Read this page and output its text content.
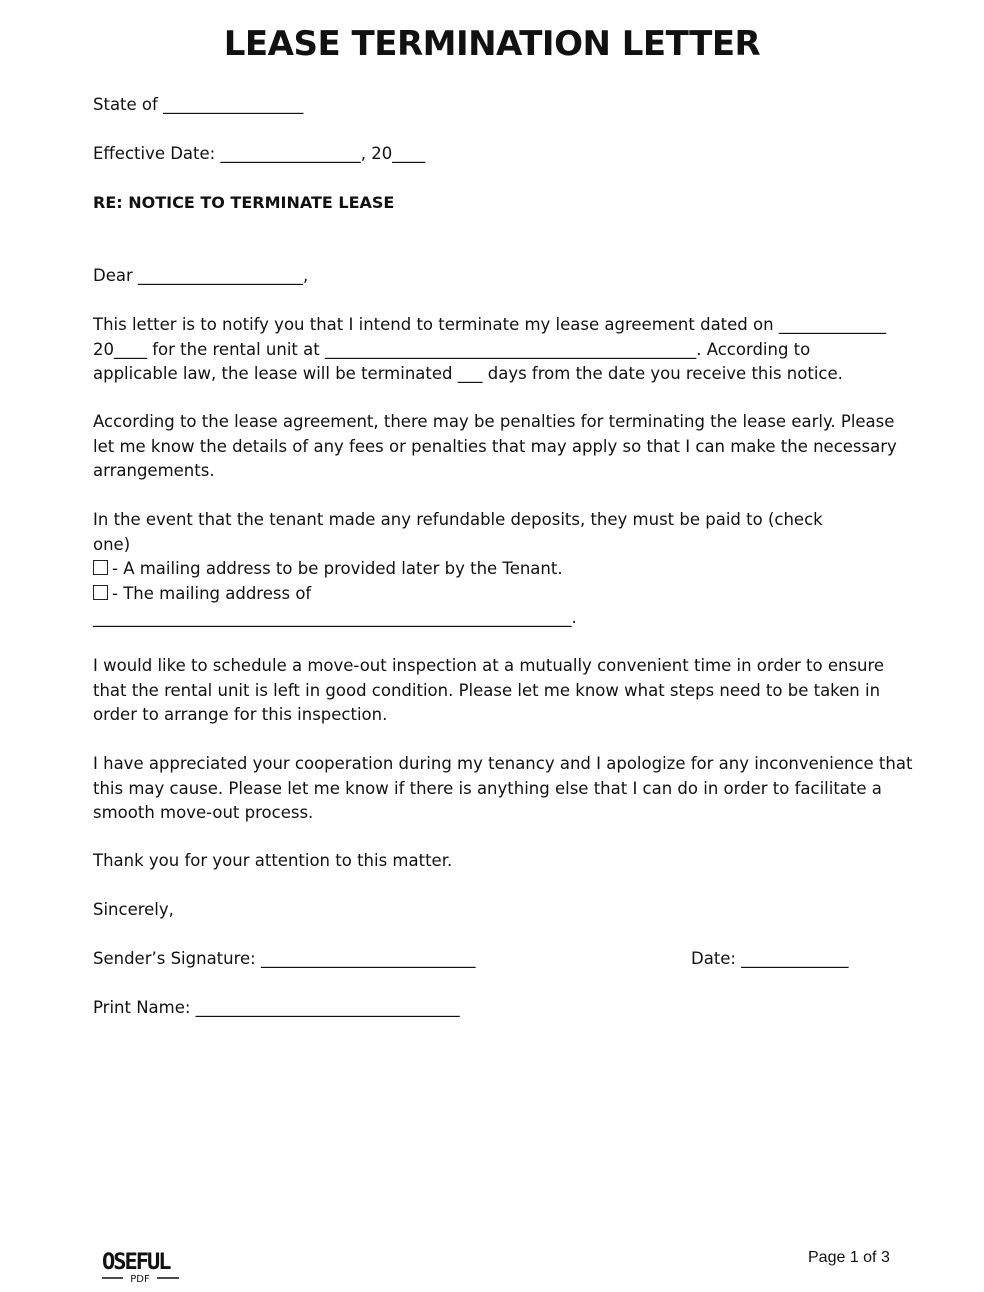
LEASE TERMINATION LETTER

State of _________________

Effective Date: _________________, 20____

RE: NOTICE TO TERMINATE LEASE

Dear ____________________,

This letter is to notify you that I intend to terminate my lease agreement dated on _____________
20____ for the rental unit at _____________________________________________. According to
applicable law, the lease will be terminated ___ days from the date you receive this notice.
According to the lease agreement, there may be penalties for terminating the lease early. Please
let me know the details of any fees or penalties that may apply so that I can make the necessary
arrangements.
In the event that the tenant made any refundable deposits, they must be paid to (check
one)
- A mailing address to be provided later by the Tenant.
- The mailing address of
__________________________________________________________.
I would like to schedule a move-out inspection at a mutually convenient time in order to ensure
that the rental unit is left in good condition. Please let me know what steps need to be taken in
order to arrange for this inspection.
I have appreciated your cooperation during my tenancy and I apologize for any inconvenience that
this may cause. Please let me know if there is anything else that I can do in order to facilitate a
smooth move-out process.

Thank you for your attention to this matter.

Sincerely,

Sender’s Signature: __________________________	Date: _____________

Print Name: ________________________________

OSEFUL
PDF
Page 1 of 3
